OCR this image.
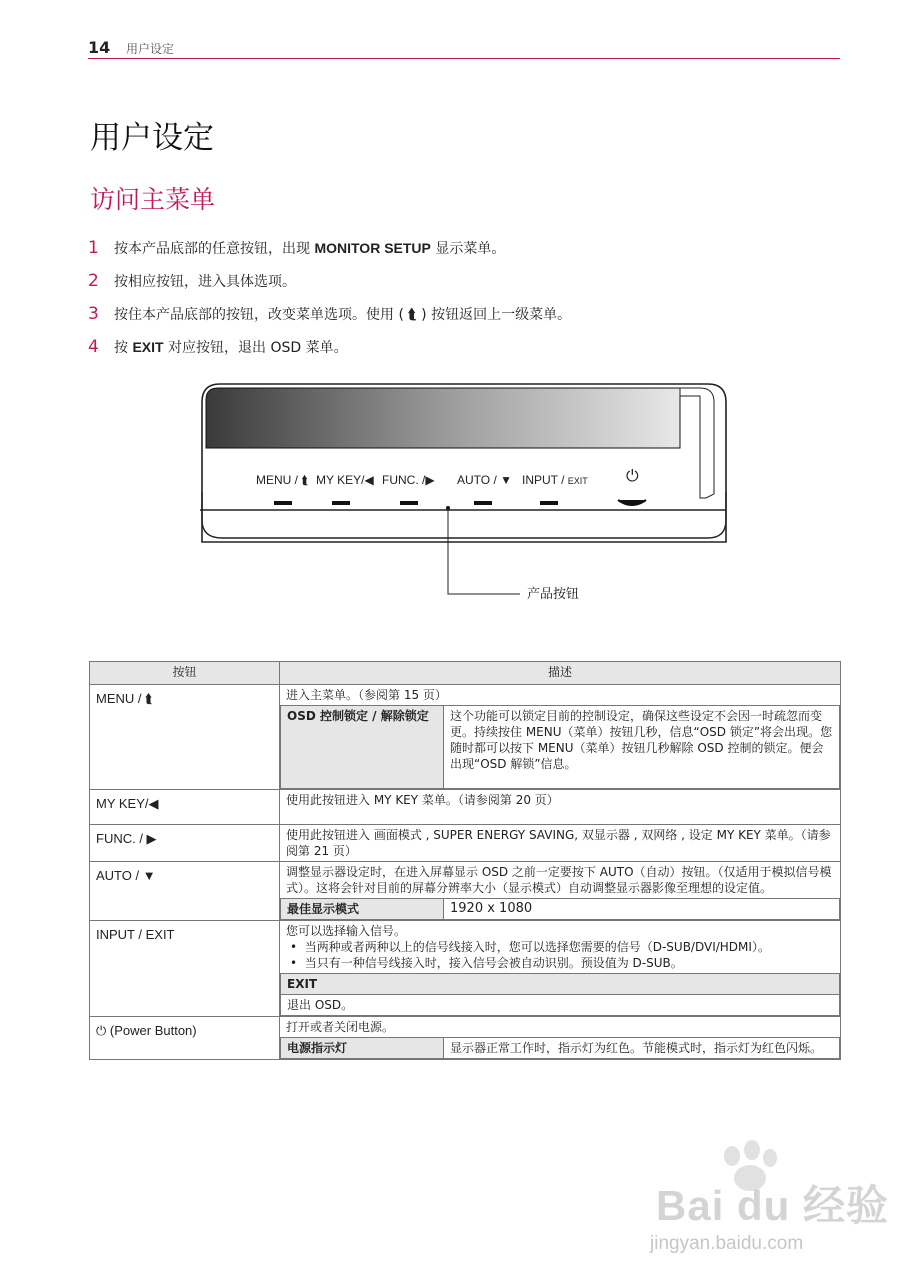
14 用户设定
用户设定
访问主菜单
1 按本产品底部的任意按钮，出现 MONITOR SETUP 显示菜单。
2 按相应按钮，进入具体选项。
3 按住本产品底部的按钮，改变菜单选项。使用 ( ⮬ ) 按钮返回上一级菜单。
4 按 EXIT 对应按钮，退出 OSD 菜单。
MENU / ⮬ MY KEY/◀ FUNC. /▶ AUTO / ▼ INPUT / EXIT ⏻
产品按钮
按钮	描述
MENU / ⮬	进入主菜单。（参阅第 15 页）
OSD 控制锁定 / 解除锁定	这个功能可以锁定目前的控制设定，确保这些设定不会因一时疏忽而变更。持续按住 MENU（菜单）按钮几秒，信息“OSD 锁定”将会出现。您随时都可以按下 MENU（菜单）按钮几秒解除 OSD 控制的锁定。便会出现“OSD 解锁”信息。

MY KEY/◀	使用此按钮进入 MY KEY 菜单。（请参阅第 20 页）
FUNC. / ▶	使用此按钮进入 画面模式 , SUPER ENERGY SAVING, 双显示器 , 双网络 , 设定 MY KEY 菜单。（请参阅第 21 页）
AUTO / ▼	调整显示器设定时，在进入屏幕显示 OSD 之前一定要按下 AUTO（自动）按钮。（仅适用于模拟信号模式）。这将会针对目前的屏幕分辨率大小（显示模式）自动调整显示器影像至理想的设定值。
最佳显示模式	1920 x 1080

INPUT / EXIT	您可以选择输入信号。
•  当两种或者两种以上的信号线接入时，您可以选择您需要的信号（D-SUB/DVI/HDMI）。
•  当只有一种信号线接入时，接入信号会被自动识别。预设值为 D-SUB。
EXIT
退出 OSD。

⏻ (Power Button)	打开或者关闭电源。
电源指示灯	显示器正常工作时，指示灯为红色。节能模式时，指示灯为红色闪烁。
Bai du 经验
jingyan.baidu.com
